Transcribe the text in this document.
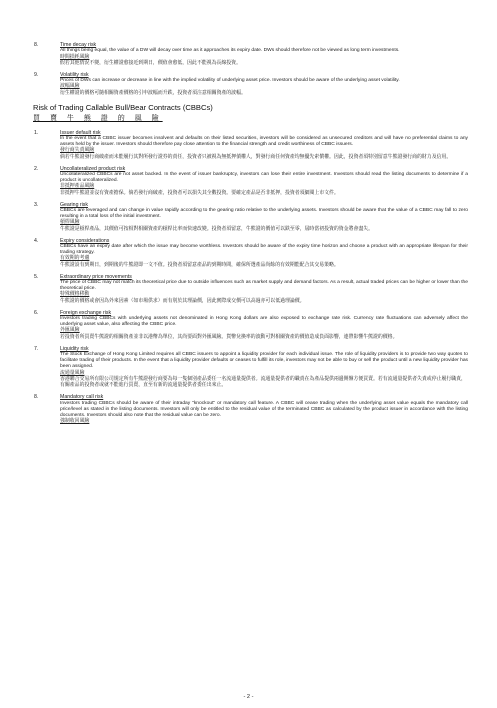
8.	Time decay risk
All things being equal, the value of a DW will decay over time as it approaches its expiry date. DWs should therefore not be viewed as long term investments.
時間損耗風險
假若其他情況不變，衍生權證愈接近到期日，價值會愈低，因此不能視為長線投資。
9.	Volatility risk
Prices of DWs can increase or decrease in line with the implied volatility of underlying asset price. Investors should be aware of the underlying asset volatility.
波幅風險
衍生權證的價格可隨相關資產價格的引申波幅而升跌，投資者須注意相關資產的波幅。
Risk of Trading Callable Bull/Bear Contracts (CBBCs)
買 賣 牛 熊 證 的 風 險
1.	Issuer default risk
In the event that a CBBC issuer becomes insolvent and defaults on their listed securities, investors will be considered as unsecured creditors and will have no preferential claims to any assets held by the issuer. Investors should therefore pay close attention to the financial strength and credit worthiness of CBBC issuers.
發行商失責風險
倘若牛熊證發行商破產而未能履行其對所發行證券的責任，投資者只被視為無抵押債權人，對發行商任何資產均無優先索償權。因此，投資者須特別留意牛熊證發行商的財力及信用。
2.	Uncollateralized product risk
Uncollateralized CBBCs are not asset backed. In the event of issuer bankruptcy, investors can lose their entire investment. Investors should read the listing documents to determine if a product is uncollateralized.
非抵押產品風險
非抵押牛熊證並沒有資產擔保。倘若發行商破產，投資者可以損失其全數投資。要確定產品是否非抵押，投資者須細閱上市文件。
3.	Gearing risk
CBBCs are leveraged and can change in value rapidly according to the gearing ratio relative to the underlying assets. Investors should be aware that the value of a CBBC may fall to zero resulting in a total loss of the initial investment.
槓桿風險
牛熊證是槓桿產品，其價值可按相對相關資產的槓桿比率而快速改變。投資者須留意，牛熊證的價值可以跌至零，屆時當初投資的資金將會盡失。
4.	Expiry considerations
CBBCs have an expiry date after which the issue may become worthless. Investors should be aware of the expiry time horizon and choose a product with an appropriate lifespan for their trading strategy.
有效期的考慮
牛熊證設有到期日，到期後的牛熊證即一文不值。投資者須留意產品的到期時間，確保所選產品尚餘的有效期能配合其交易策略。
5.	Extraordinary price movements
The price of CBBC may not match its theoretical price due to outside influences such as market supply and demand factors. As a result, actual traded prices can be higher or lower than the theoretical price.
特殊價格移動
牛熊證的價格或會因為外來因素（如市場供求）而有別於其理論價，因此實際成交價可以高過亦可以低過理論價。
6.	Foreign exchange risk
Investors trading CBBCs with underlying assets not denominated in Hong Kong dollars are also exposed to exchange rate risk. Currency rate fluctuations can adversely affect the underlying asset value, also affecting the CBBC price.
外匯風險
若投資者所買賣牛熊證的相關資產並非以港幣為單位，其尚要面對外匯風險。貨幣兌換率的波動可對相關資產的價值造成負面影響，連帶影響牛熊證的價格。
7.	Liquidity risk
The Stock Exchange of Hong Kong Limited requires all CBBC issuers to appoint a liquidity provider for each individual issue. The role of liquidity providers is to provide two way quotes to facilitate trading of their products. In the event that a liquidity provider defaults or ceases to fulfill its role, investors may not be able to buy or sell the product until a new liquidity provider has been assigned.
流通量風險
香港聯合交易所有限公司規定所有牛熊證發行商要為每一隻個別產品委任一名流通量提供者。流通量提供者的職責在為產品提供兩邊開盤方便買賣。若有流通量提供者失責或停止履行職責，有關產品的投資者或就不能進行買賣，直至有新的流通量提供者委任出來止。
8.	Mandatory call risk
Investors trading CBBCs should be aware of their intraday "knockout" or mandatory call feature. A CBBC will cease trading when the underlying asset value equals the mandatory call price/level as stated in the listing documents. Investors will only be entitled to the residual value of the terminated CBBC as calculated by the product issuer in accordance with the listing documents. Investors should also note that the residual value can be zero.
強制收回風險
- 2 -
